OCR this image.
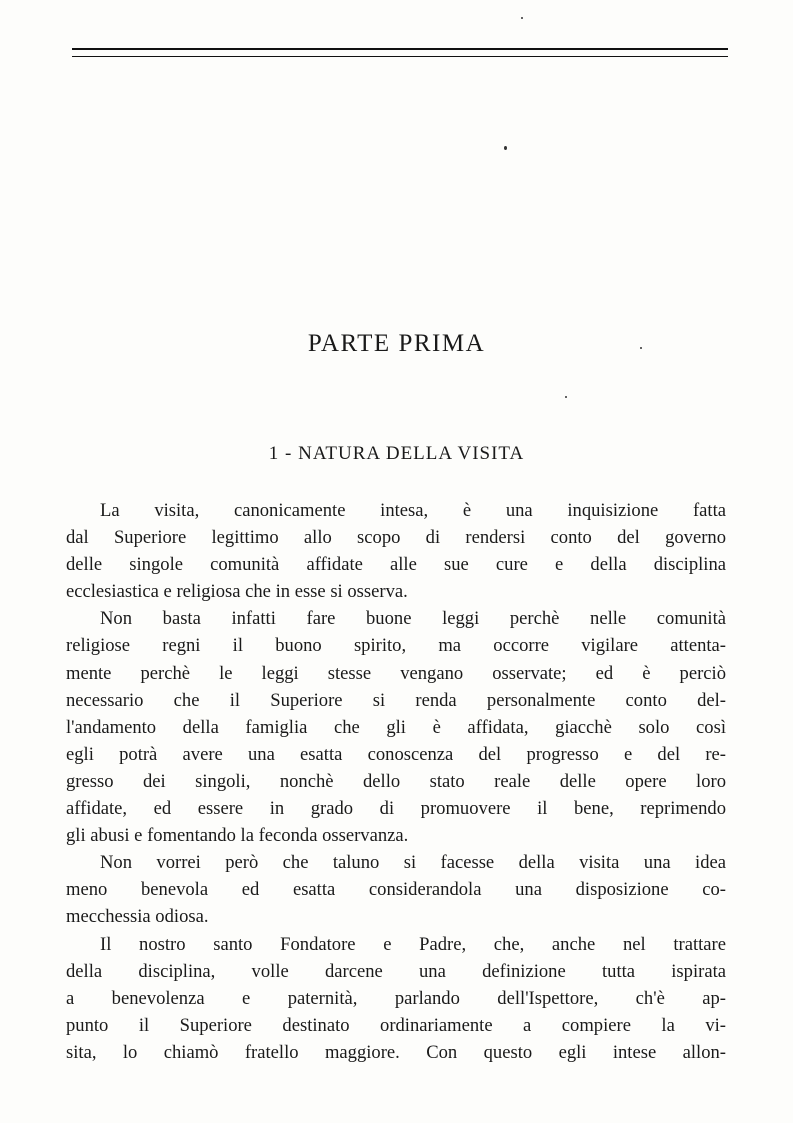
PARTE PRIMA
1 - NATURA DELLA VISITA
La visita, canonicamente intesa, è una inquisizione fatta
dal Superiore legittimo allo scopo di rendersi conto del governo
delle singole comunità affidate alle sue cure e della disciplina
ecclesiastica e religiosa che in esse si osserva.
Non basta infatti fare buone leggi perchè nelle comunità
religiose regni il buono spirito, ma occorre vigilare attenta-
mente perchè le leggi stesse vengano osservate; ed è perciò
necessario che il Superiore si renda personalmente conto del-
l'andamento della famiglia che gli è affidata, giacchè solo così
egli potrà avere una esatta conoscenza del progresso e del re-
gresso dei singoli, nonchè dello stato reale delle opere loro
affidate, ed essere in grado di promuovere il bene, reprimendo
gli abusi e fomentando la feconda osservanza.
Non vorrei però che taluno si facesse della visita una idea
meno benevola ed esatta considerandola una disposizione co-
mecchessia odiosa.
Il nostro santo Fondatore e Padre, che, anche nel trattare
della disciplina, volle darcene una definizione tutta ispirata
a benevolenza e paternità, parlando dell'Ispettore, ch'è ap-
punto il Superiore destinato ordinariamente a compiere la vi-
sita, lo chiamò fratello maggiore. Con questo egli intese allon-
